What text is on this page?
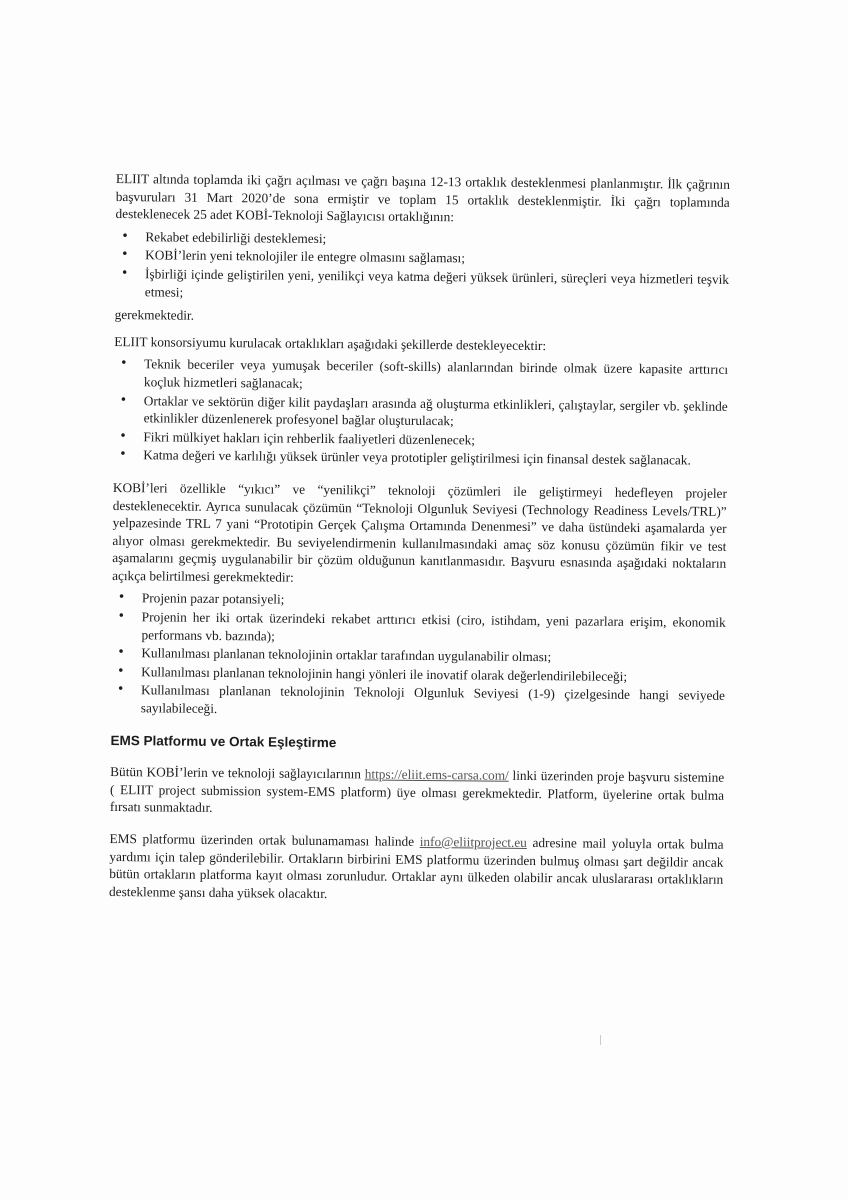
ELIIT altında toplamda iki çağrı açılması ve çağrı başına 12-13 ortaklık desteklenmesi planlanmıştır. İlk çağrının başvuruları 31 Mart 2020’de sona ermiştir ve toplam 15 ortaklık desteklenmiştir. İki çağrı toplamında desteklenecek 25 adet KOBİ-Teknoloji Sağlayıcısı ortaklığının:

• Rekabet edebilirliği desteklemesi;
• KOBİ’lerin yeni teknolojiler ile entegre olmasını sağlaması;
• İşbirliği içinde geliştirilen yeni, yenilikçi veya katma değeri yüksek ürünleri, süreçleri veya hizmetleri teşvik etmesi;

gerekmektedir.

ELIIT konsorsiyumu kurulacak ortaklıkları aşağıdaki şekillerde destekleyecektir:

• Teknik beceriler veya yumuşak beceriler (soft-skills) alanlarından birinde olmak üzere kapasite arttırıcı koçluk hizmetleri sağlanacak;
• Ortaklar ve sektörün diğer kilit paydaşları arasında ağ oluşturma etkinlikleri, çalıştaylar, sergiler vb. şeklinde etkinlikler düzenlenerek profesyonel bağlar oluşturulacak;
• Fikri mülkiyet hakları için rehberlik faaliyetleri düzenlenecek;
• Katma değeri ve karlılığı yüksek ürünler veya prototipler geliştirilmesi için finansal destek sağlanacak.

KOBİ’leri özellikle “yıkıcı” ve “yenilikçi” teknoloji çözümleri ile geliştirmeyi hedefleyen projeler desteklenecektir. Ayrıca sunulacak çözümün “Teknoloji Olgunluk Seviyesi (Technology Readiness Levels/TRL)” yelpazesinde TRL 7 yani “Prototipin Gerçek Çalışma Ortamında Denenmesi” ve daha üstündeki aşamalarda yer alıyor olması gerekmektedir. Bu seviyelendirmenin kullanılmasındaki amaç söz konusu çözümün fikir ve test aşamalarını geçmiş uygulanabilir bir çözüm olduğunun kanıtlanmasıdır. Başvuru esnasında aşağıdaki noktaların açıkça belirtilmesi gerekmektedir:

• Projenin pazar potansiyeli;
• Projenin her iki ortak üzerindeki rekabet arttırıcı etkisi (ciro, istihdam, yeni pazarlara erişim, ekonomik performans vb. bazında);
• Kullanılması planlanan teknolojinin ortaklar tarafından uygulanabilir olması;
• Kullanılması planlanan teknolojinin hangi yönleri ile inovatif olarak değerlendirilebileceği;
• Kullanılması planlanan teknolojinin Teknoloji Olgunluk Seviyesi (1-9) çizelgesinde hangi seviyede sayılabileceği.
EMS Platformu ve Ortak Eşleştirme

Bütün KOBİ’lerin ve teknoloji sağlayıcılarının https://eliit.ems-carsa.com/ linki üzerinden proje başvuru sistemine ( ELIIT project submission system-EMS platform) üye olması gerekmektedir. Platform, üyelerine ortak bulma fırsatı sunmaktadır.

EMS platformu üzerinden ortak bulunamaması halinde info@eliitproject.eu adresine mail yoluyla ortak bulma yardımı için talep gönderilebilir. Ortakların birbirini EMS platformu üzerinden bulmuş olması şart değildir ancak bütün ortakların platforma kayıt olması zorunludur. Ortaklar aynı ülkeden olabilir ancak uluslararası ortaklıkların desteklenme şansı daha yüksek olacaktır.
